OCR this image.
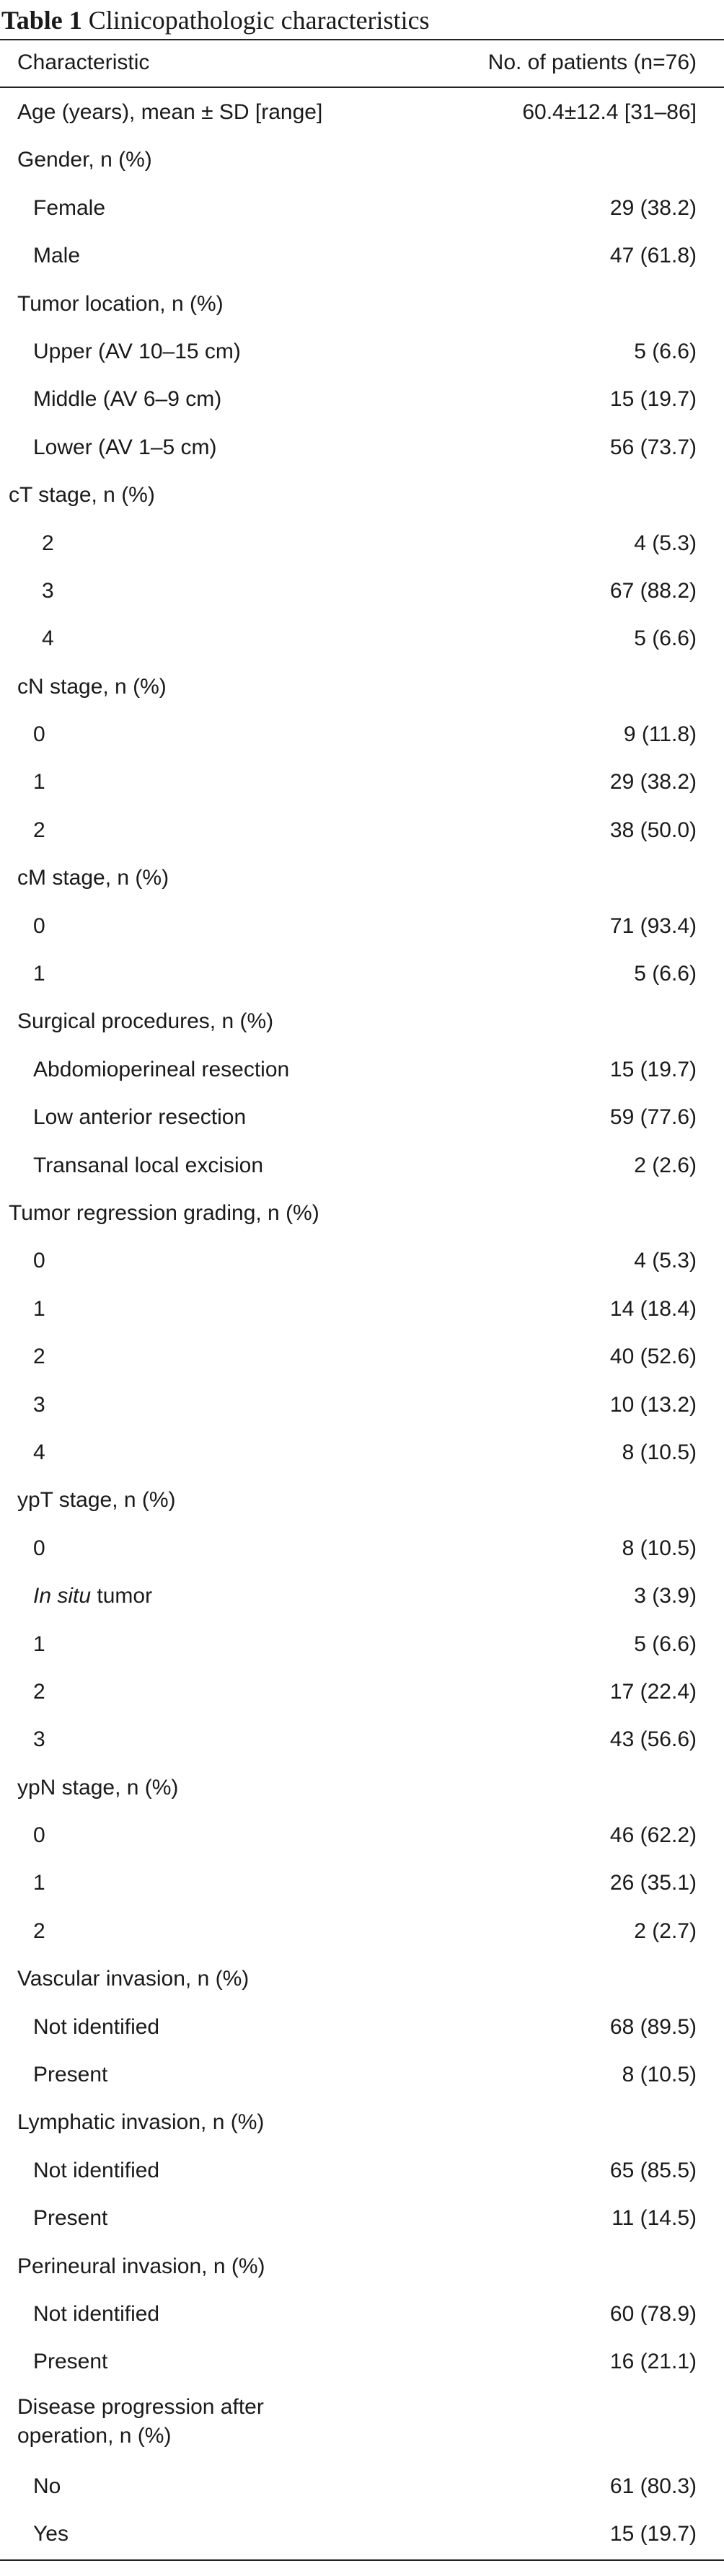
Table 1 Clinicopathologic characteristics
Characteristic	No. of patients (n=76)
Age (years), mean ± SD [range]	60.4±12.4 [31–86]
Gender, n (%)
Female	29 (38.2)
Male	47 (61.8)
Tumor location, n (%)
Upper (AV 10–15 cm)	5 (6.6)
Middle (AV 6–9 cm)	15 (19.7)
Lower (AV 1–5 cm)	56 (73.7)
cT stage, n (%)
2	4 (5.3)
3	67 (88.2)
4	5 (6.6)
cN stage, n (%)
0	9 (11.8)
1	29 (38.2)
2	38 (50.0)
cM stage, n (%)
0	71 (93.4)
1	5 (6.6)
Surgical procedures, n (%)
Abdomioperineal resection	15 (19.7)
Low anterior resection	59 (77.6)
Transanal local excision	2 (2.6)
Tumor regression grading, n (%)
0	4 (5.3)
1	14 (18.4)
2	40 (52.6)
3	10 (13.2)
4	8 (10.5)
ypT stage, n (%)
0	8 (10.5)
In situ tumor	3 (3.9)
1	5 (6.6)
2	17 (22.4)
3	43 (56.6)
ypN stage, n (%)
0	46 (62.2)
1	26 (35.1)
2	2 (2.7)
Vascular invasion, n (%)
Not identified	68 (89.5)
Present	8 (10.5)
Lymphatic invasion, n (%)
Not identified	65 (85.5)
Present	11 (14.5)
Perineural invasion, n (%)
Not identified	60 (78.9)
Present	16 (21.1)
Disease progression after operation, n (%)
No	61 (80.3)
Yes	15 (19.7)
